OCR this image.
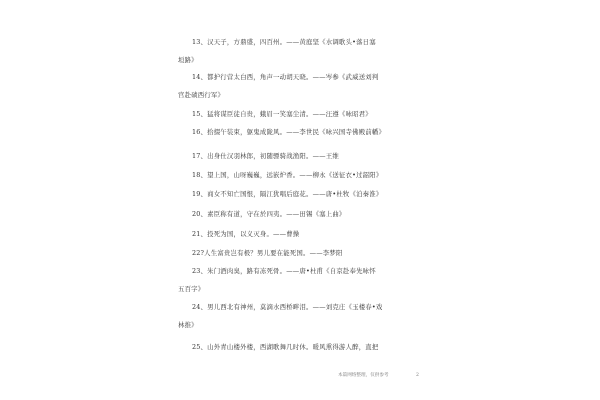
13、汉天子，方鼎盛，四百州。——黄庭坚《水调歌头•落日塞
垣路》
14、都护行营太白西，角声一动胡天晓。——岑参《武威送刘判
官赴碛西行军》
15、猛将谋臣徒自贵，蛾眉一笑塞尘清。——汪遵《咏昭君》
16、拾掇午装束，躯鬼成陇风。——李世民《咏兴国寺佛殿前幡》
17、出身仕汉羽林郎，初随骠骑战渔阳。——王维
18、望上国，山呀巍巍，远嵌炉香。——柳永《送征衣•过韶阳》
19、商女不知亡国恨，隔江犹唱后庭花。——唐•杜牧《泊秦淮》
20、素臣称有道，守在於四夷。——田锡《塞上曲》
21、投死为国，以义灭身。——曹操
22?人生富贵岂有极？男儿要在能死国。——李梦阳
23、朱门酒肉臭，路有冻死骨。——唐•杜甫《自京赴奉先咏怀
五百字》
24、男儿西北有神州，莫滴水西桥畔泪。——刘克庄《玉楼春•戏
林推》
25、山外青山楼外楼，西湖歌舞几时休。暖风熏得游人醉，直把
本篇网络整理，仅供参考	2
